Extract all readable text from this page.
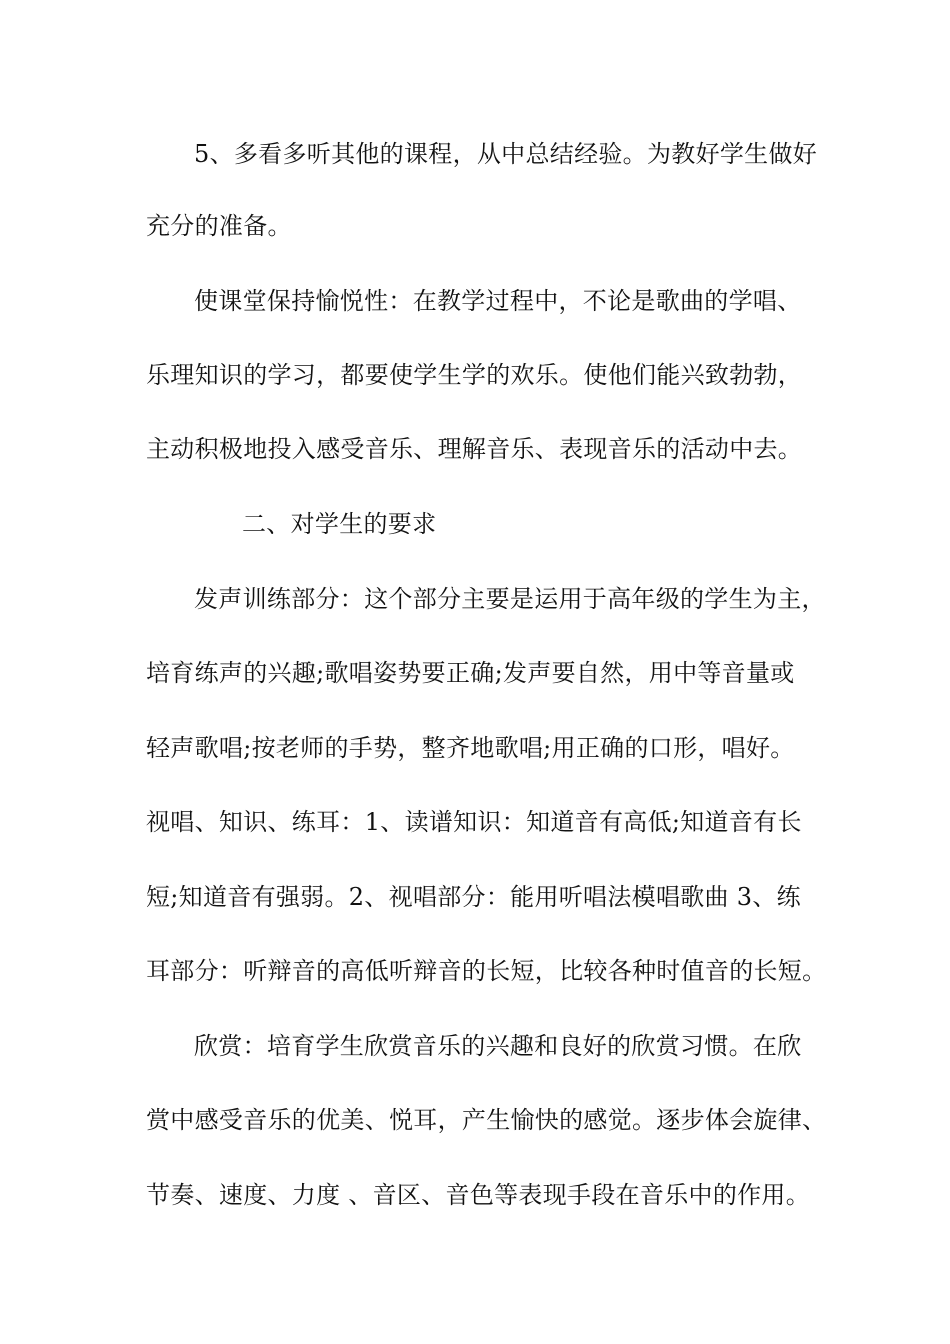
5、多看多听其他的课程，从中总结经验。为教好学生做好
充分的准备。
使课堂保持愉悦性：在教学过程中，不论是歌曲的学唱、
乐理知识的学习，都要使学生学的欢乐。使他们能兴致勃勃，
主动积极地投入感受音乐、理解音乐、表现音乐的活动中去。
二、对学生的要求
发声训练部分：这个部分主要是运用于高年级的学生为主，
培育练声的兴趣;歌唱姿势要正确;发声要自然，用中等音量或
轻声歌唱;按老师的手势，整齐地歌唱;用正确的口形，唱好。
视唱、知识、练耳：1、读谱知识：知道音有高低;知道音有长
短;知道音有强弱。2、视唱部分：能用听唱法模唱歌曲 3、练
耳部分：听辩音的高低听辩音的长短，比较各种时值音的长短。
欣赏：培育学生欣赏音乐的兴趣和良好的欣赏习惯。在欣
赏中感受音乐的优美、悦耳，产生愉快的感觉。逐步体会旋律、
节奏、速度、力度 、音区、音色等表现手段在音乐中的作用。
